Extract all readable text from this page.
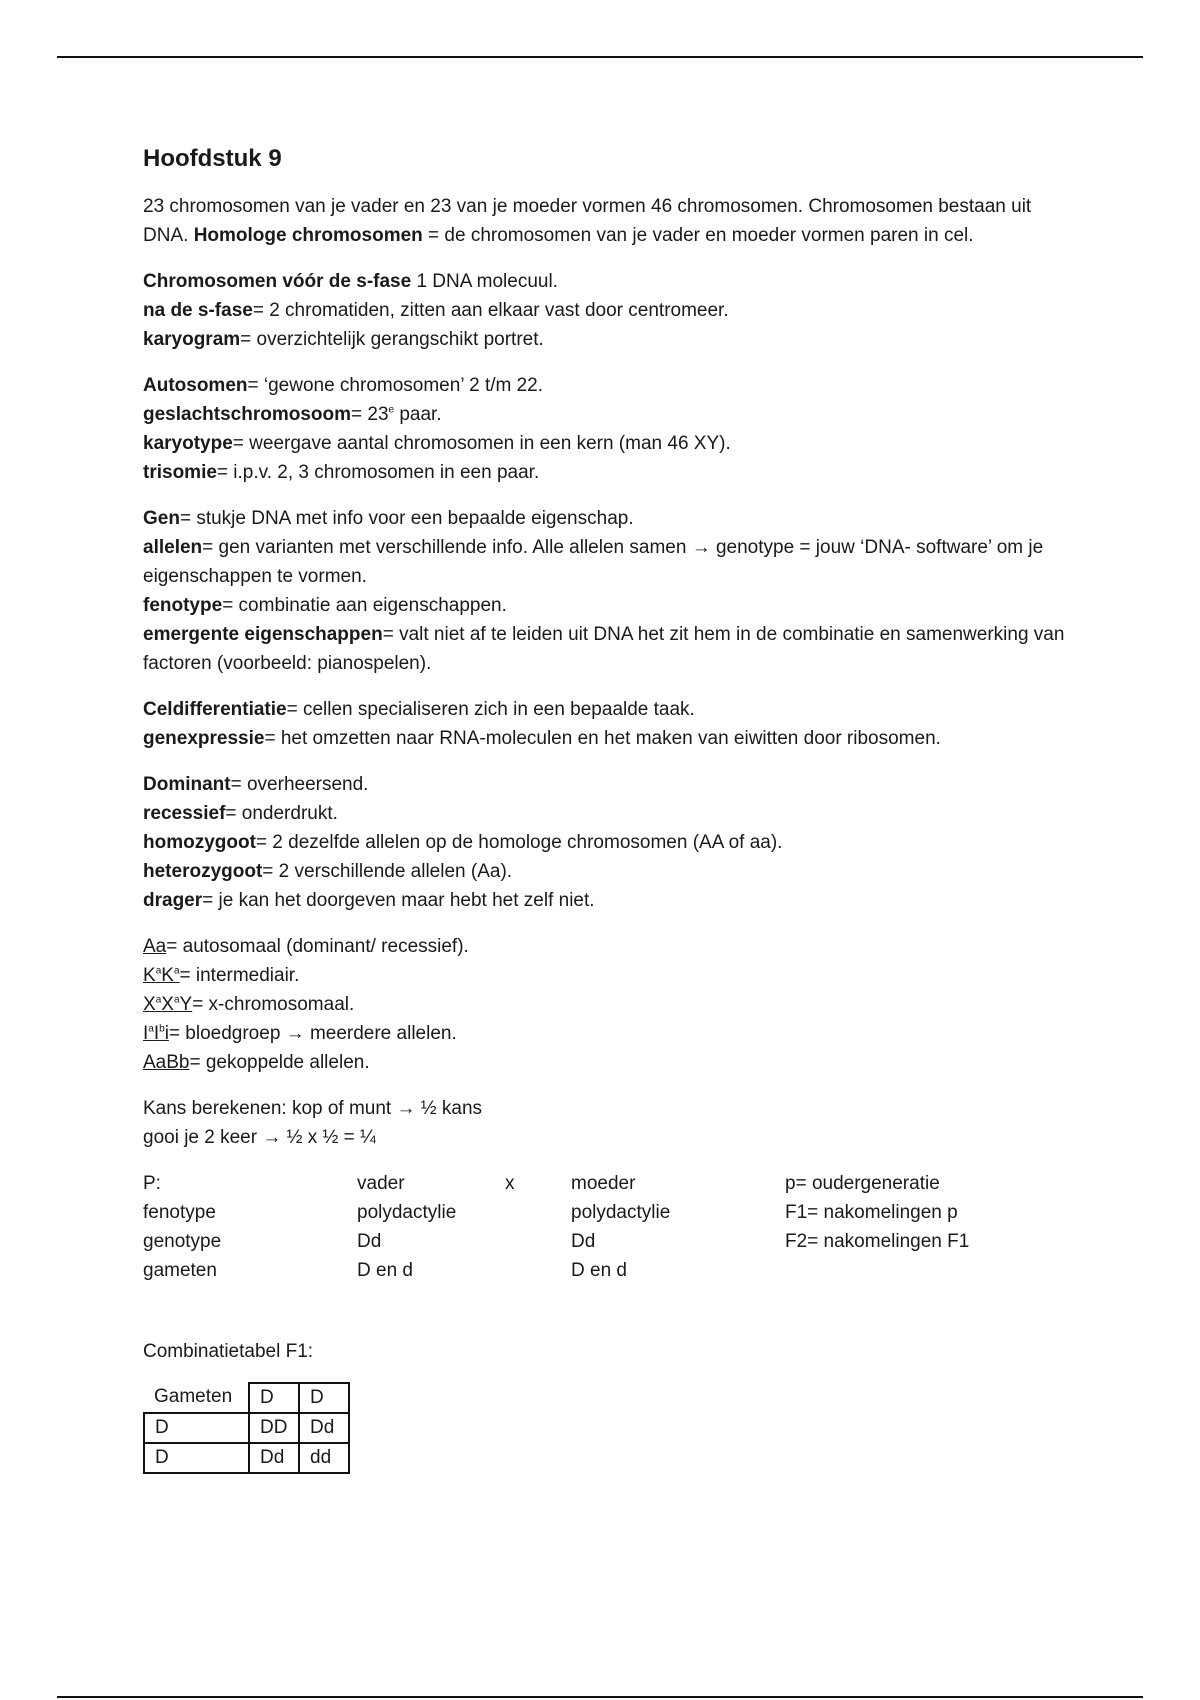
Hoofdstuk 9

23 chromosomen van je vader en 23 van je moeder vormen 46 chromosomen. Chromosomen bestaan uit DNA. Homologe chromosomen = de chromosomen van je vader en moeder vormen paren in cel.

Chromosomen vóór de s-fase 1 DNA molecuul.
na de s-fase= 2 chromatiden, zitten aan elkaar vast door centromeer.
karyogram= overzichtelijk gerangschikt portret.

Autosomen= ‘gewone chromosomen’ 2 t/m 22.
geslachtschromosoom= $23^e$ paar.
karyotype= weergave aantal chromosomen in een kern (man 46 XY).
trisomie= i.p.v. 2, 3 chromosomen in een paar.

Gen= stukje DNA met info voor een bepaalde eigenschap.
allelen= gen varianten met verschillende info. Alle allelen samen → genotype = jouw ‘DNA- software’ om je eigenschappen te vormen.
fenotype= combinatie aan eigenschappen.
emergente eigenschappen= valt niet af te leiden uit DNA het zit hem in de combinatie en samenwerking van factoren (voorbeeld: pianospelen).

Celdifferentiatie= cellen specialiseren zich in een bepaalde taak.
genexpressie= het omzetten naar RNA-moleculen en het maken van eiwitten door ribosomen.

Dominant= overheersend.
recessief= onderdrukt.
homozygoot= 2 dezelfde allelen op de homologe chromosomen (AA of aa).
heterozygoot= 2 verschillende allelen (Aa).
drager= je kan het doorgeven maar hebt het zelf niet.

Aa= autosomaal (dominant/ recessief).
$K^aK^a=$ intermediair.
$X^aX^aY=$ x-chromosomaal.
$I^aI^bi=$ bloedgroep → meerdere allelen.
AaBb= gekoppelde allelen.

Kans berekenen: kop of munt → ½ kans
gooi je 2 keer → ½ x ½ = ¼

P:	vader	x	moeder	p= oudergeneratie
fenotype	polydactylie	polydactylie	F1= nakomelingen p
genotype	Dd	Dd	F2= nakomelingen F1
gameten	D en d	D en d
Combinatietabel F1:
Gameten	D	D
D	DD	Dd
D	Dd	dd
